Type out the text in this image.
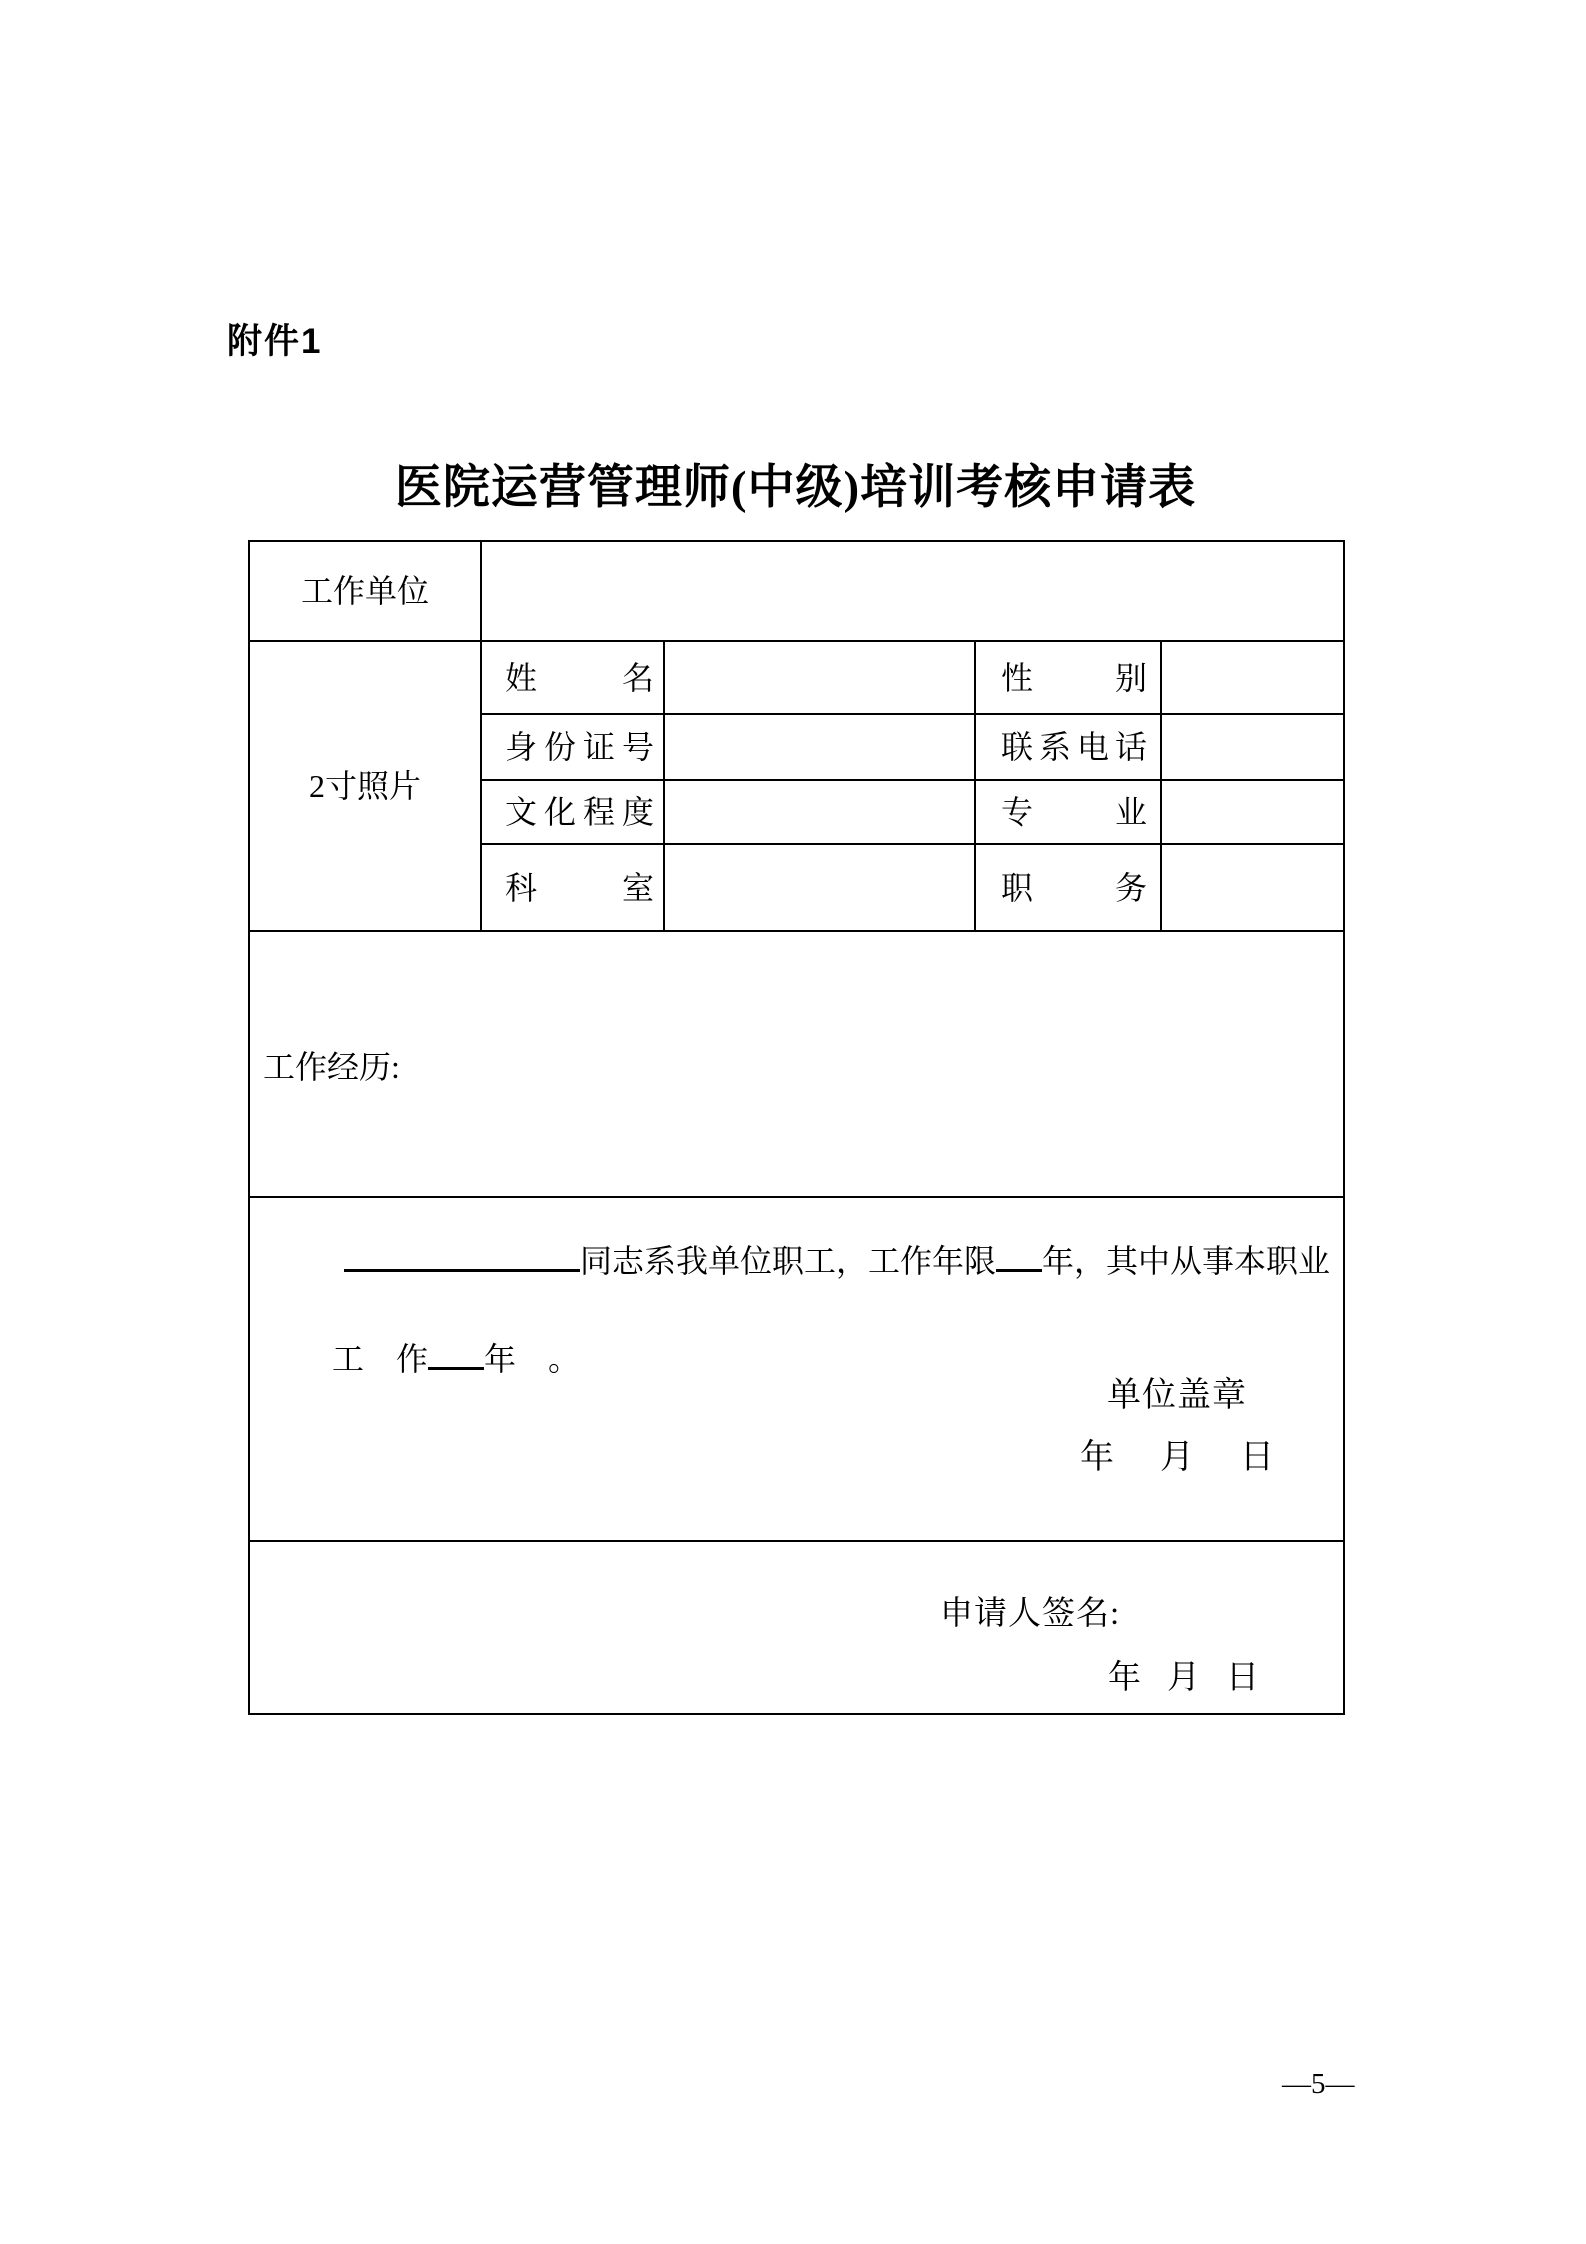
附件1
医院运营管理师(中级)培训考核申请表
工作单位				
2寸照片	姓名		性别	

	身份证号		联系电话	

	文化程度		专业	

	科室		职务	

工作经历:				

同志系我单位职工，工作年限 年，其中从事本职业
工　作 年　。
单位盖章
年 月 日

申请人签名:
年 月 日				
—5—
